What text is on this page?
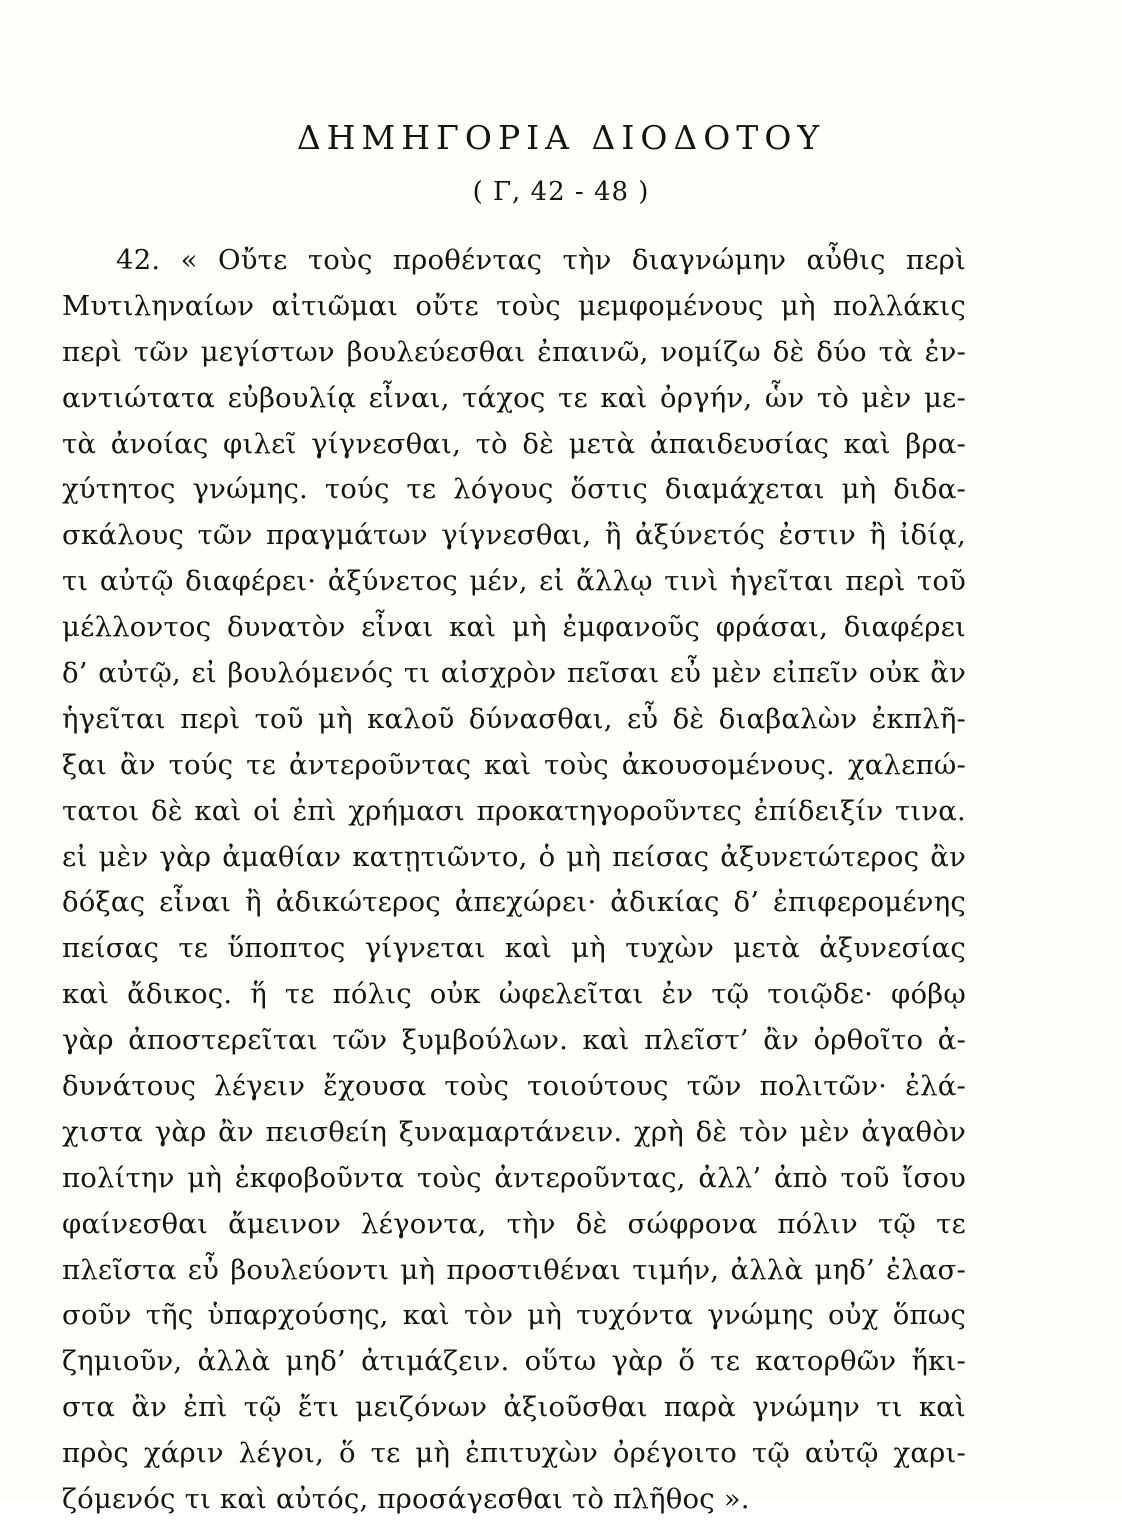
ΔΗΜΗΓΟΡΙΑ ΔΙΟΔΟΤΟΥ
( Γ, 42 - 48 )
42. « Οὔτε τοὺς προθέντας τὴν διαγνώμην αὖθις περὶ
Μυτιληναίων αἰτιῶμαι οὔτε τοὺς μεμφομένους μὴ πολλάκις
περὶ τῶν μεγίστων βουλεύεσθαι ἐπαινῶ, νομίζω δὲ δύο τὰ ἐν-
αντιώτατα εὐβουλίᾳ εἶναι, τάχος τε καὶ ὀργήν, ὧν τὸ μὲν με-
τὰ ἀνοίας φιλεῖ γίγνεσθαι, τὸ δὲ μετὰ ἀπαιδευσίας καὶ βρα-
χύτητος γνώμης. τούς τε λόγους ὅστις διαμάχεται μὴ διδα-
σκάλους τῶν πραγμάτων γίγνεσθαι, ἢ ἀξύνετός ἐστιν ἢ ἰδίᾳ,
τι αὐτῷ διαφέρει· ἀξύνετος μέν, εἰ ἄλλῳ τινὶ ἡγεῖται περὶ τοῦ
μέλλοντος δυνατὸν εἶναι καὶ μὴ ἐμφανοῦς φράσαι, διαφέρει
δ’ αὐτῷ, εἰ βουλόμενός τι αἰσχρὸν πεῖσαι εὖ μὲν εἰπεῖν οὐκ ἂν
ἡγεῖται περὶ τοῦ μὴ καλοῦ δύνασθαι, εὖ δὲ διαβαλὼν ἐκπλῆ-
ξαι ἂν τούς τε ἀντεροῦντας καὶ τοὺς ἀκουσομένους. χαλεπώ-
τατοι δὲ καὶ οἱ ἐπὶ χρήμασι προκατηγοροῦντες ἐπίδειξίν τινα.
εἰ μὲν γὰρ ἀμαθίαν κατῃτιῶντο, ὁ μὴ πείσας ἀξυνετώτερος ἂν
δόξας εἶναι ἢ ἀδικώτερος ἀπεχώρει· ἀδικίας δ’ ἐπιφερομένης
πείσας τε ὕποπτος γίγνεται καὶ μὴ τυχὼν μετὰ ἀξυνεσίας
καὶ ἄδικος. ἥ τε πόλις οὐκ ὠφελεῖται ἐν τῷ τοιῷδε· φόβῳ
γὰρ ἀποστερεῖται τῶν ξυμβούλων. καὶ πλεῖστ’ ἂν ὀρθοῖτο ἀ-
δυνάτους λέγειν ἔχουσα τοὺς τοιούτους τῶν πολιτῶν· ἐλά-
χιστα γὰρ ἂν πεισθείη ξυναμαρτάνειν. χρὴ δὲ τὸν μὲν ἀγαθὸν
πολίτην μὴ ἐκφοβοῦντα τοὺς ἀντεροῦντας, ἀλλ’ ἀπὸ τοῦ ἴσου
φαίνεσθαι ἄμεινον λέγοντα, τὴν δὲ σώφρονα πόλιν τῷ τε
πλεῖστα εὖ βουλεύοντι μὴ προστιθέναι τιμήν, ἀλλὰ μηδ’ ἐλασ-
σοῦν τῆς ὑπαρχούσης, καὶ τὸν μὴ τυχόντα γνώμης οὐχ ὅπως
ζημιοῦν, ἀλλὰ μηδ’ ἀτιμάζειν. οὕτω γὰρ ὅ τε κατορθῶν ἥκι-
στα ἂν ἐπὶ τῷ ἔτι μειζόνων ἀξιοῦσθαι παρὰ γνώμην τι καὶ
πρὸς χάριν λέγοι, ὅ τε μὴ ἐπιτυχὼν ὀρέγοιτο τῷ αὐτῷ χαρι-
ζόμενός τι καὶ αὐτός, προσάγεσθαι τὸ πλῆθος ».
